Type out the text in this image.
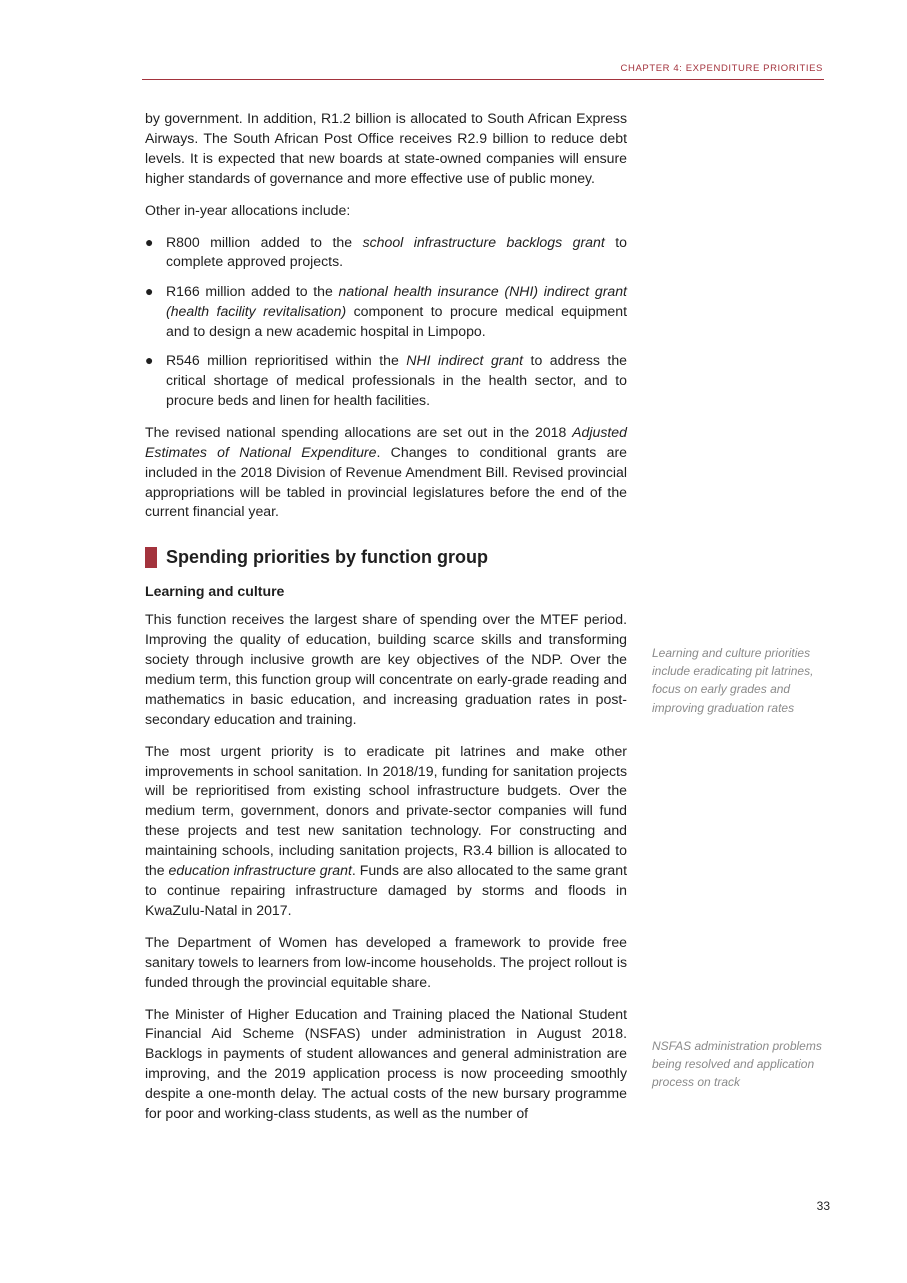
CHAPTER 4: EXPENDITURE PRIORITIES

by government. In addition, R1.2 billion is allocated to South African Express Airways. The South African Post Office receives R2.9 billion to reduce debt levels. It is expected that new boards at state-owned companies will ensure higher standards of governance and more effective use of public money.

Other in-year allocations include:

● R800 million added to the school infrastructure backlogs grant to complete approved projects.
● R166 million added to the national health insurance (NHI) indirect grant (health facility revitalisation) component to procure medical equipment and to design a new academic hospital in Limpopo.
● R546 million reprioritised within the NHI indirect grant to address the critical shortage of medical professionals in the health sector, and to procure beds and linen for health facilities.

The revised national spending allocations are set out in the 2018 Adjusted Estimates of National Expenditure. Changes to conditional grants are included in the 2018 Division of Revenue Amendment Bill. Revised provincial appropriations will be tabled in provincial legislatures before the end of the current financial year.

Spending priorities by function group
Learning and culture

This function receives the largest share of spending over the MTEF period. Improving the quality of education, building scarce skills and transforming society through inclusive growth are key objectives of the NDP. Over the medium term, this function group will concentrate on early-grade reading and mathematics in basic education, and increasing graduation rates in post-secondary education and training.

The most urgent priority is to eradicate pit latrines and make other improvements in school sanitation. In 2018/19, funding for sanitation projects will be reprioritised from existing school infrastructure budgets. Over the medium term, government, donors and private-sector companies will fund these projects and test new sanitation technology. For constructing and maintaining schools, including sanitation projects, R3.4 billion is allocated to the education infrastructure grant. Funds are also allocated to the same grant to continue repairing infrastructure damaged by storms and floods in KwaZulu-Natal in 2017.

The Department of Women has developed a framework to provide free sanitary towels to learners from low-income households. The project rollout is funded through the provincial equitable share.

The Minister of Higher Education and Training placed the National Student Financial Aid Scheme (NSFAS) under administration in August 2018. Backlogs in payments of student allowances and general administration are improving, and the 2019 application process is now proceeding smoothly despite a one-month delay. The actual costs of the new bursary programme for poor and working-class students, as well as the number of

Learning and culture priorities include eradicating pit latrines, focus on early grades and improving graduation rates
NSFAS administration problems being resolved and application process on track
33
